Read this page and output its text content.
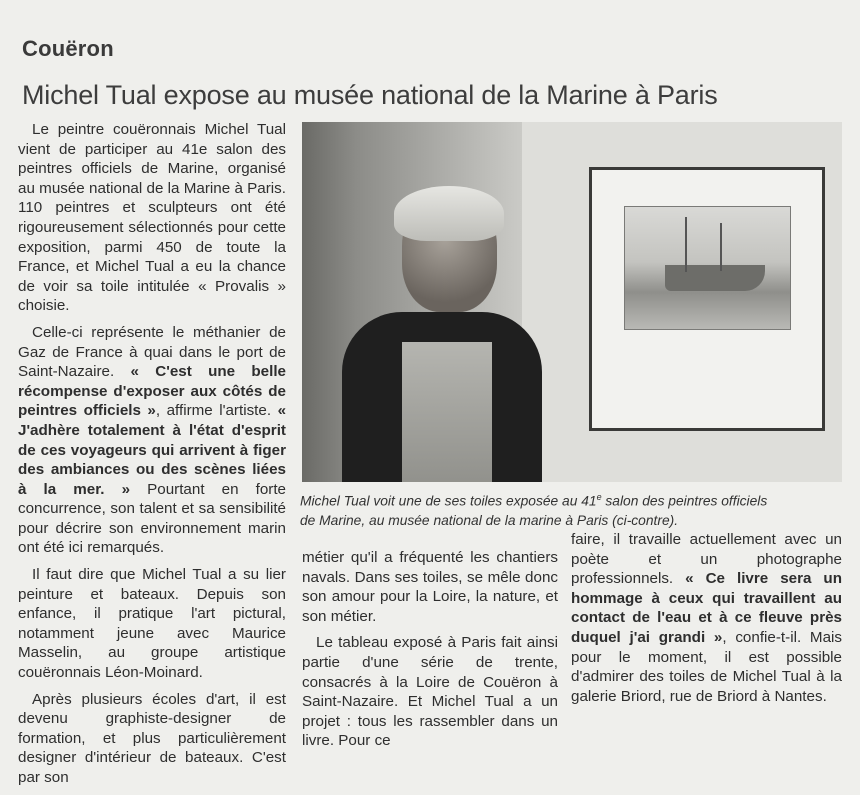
Couëron
Michel Tual expose au musée national de la Marine à Paris

Le peintre couëronnais Michel Tual vient de participer au 41e salon des peintres officiels de Marine, organisé au musée national de la Marine à Paris. 110 peintres et sculpteurs ont été rigoureusement sélectionnés pour cette exposition, parmi 450 de toute la France, et Michel Tual a eu la chance de voir sa toile intitulée « Provalis » choisie.

Celle-ci représente le méthanier de Gaz de France à quai dans le port de Saint-Nazaire. « C'est une belle récompense d'exposer aux côtés de peintres officiels », affirme l'artiste. « J'adhère totalement à l'état d'esprit de ces voyageurs qui arrivent à figer des ambiances ou des scènes liées à la mer. » Pourtant en forte concurrence, son talent et sa sensibilité pour décrire son environnement marin ont été ici remarqués.

Il faut dire que Michel Tual a su lier peinture et bateaux. Depuis son enfance, il pratique l'art pictural, notamment jeune avec Maurice Masselin, au groupe artistique couëronnais Léon-Moinard.

Après plusieurs écoles d'art, il est devenu graphiste-designer de formation, et plus particulièrement designer d'intérieur de bateaux. C'est par son

Michel Tual voit une de ses toiles exposée au 41e salon des peintres officiels
de Marine, au musée national de la marine à Paris (ci-contre).

métier qu'il a fréquenté les chantiers navals. Dans ses toiles, se mêle donc son amour pour la Loire, la nature, et son métier.

Le tableau exposé à Paris fait ainsi partie d'une série de trente, consacrés à la Loire de Couëron à Saint-Nazaire. Et Michel Tual a un projet : tous les rassembler dans un livre. Pour ce

faire, il travaille actuellement avec un poète et un photographe professionnels. « Ce livre sera un hommage à ceux qui travaillent au contact de l'eau et à ce fleuve près duquel j'ai grandi », confie-t-il. Mais pour le moment, il est possible d'admirer des toiles de Michel Tual à la galerie Briord, rue de Briord à Nantes.
